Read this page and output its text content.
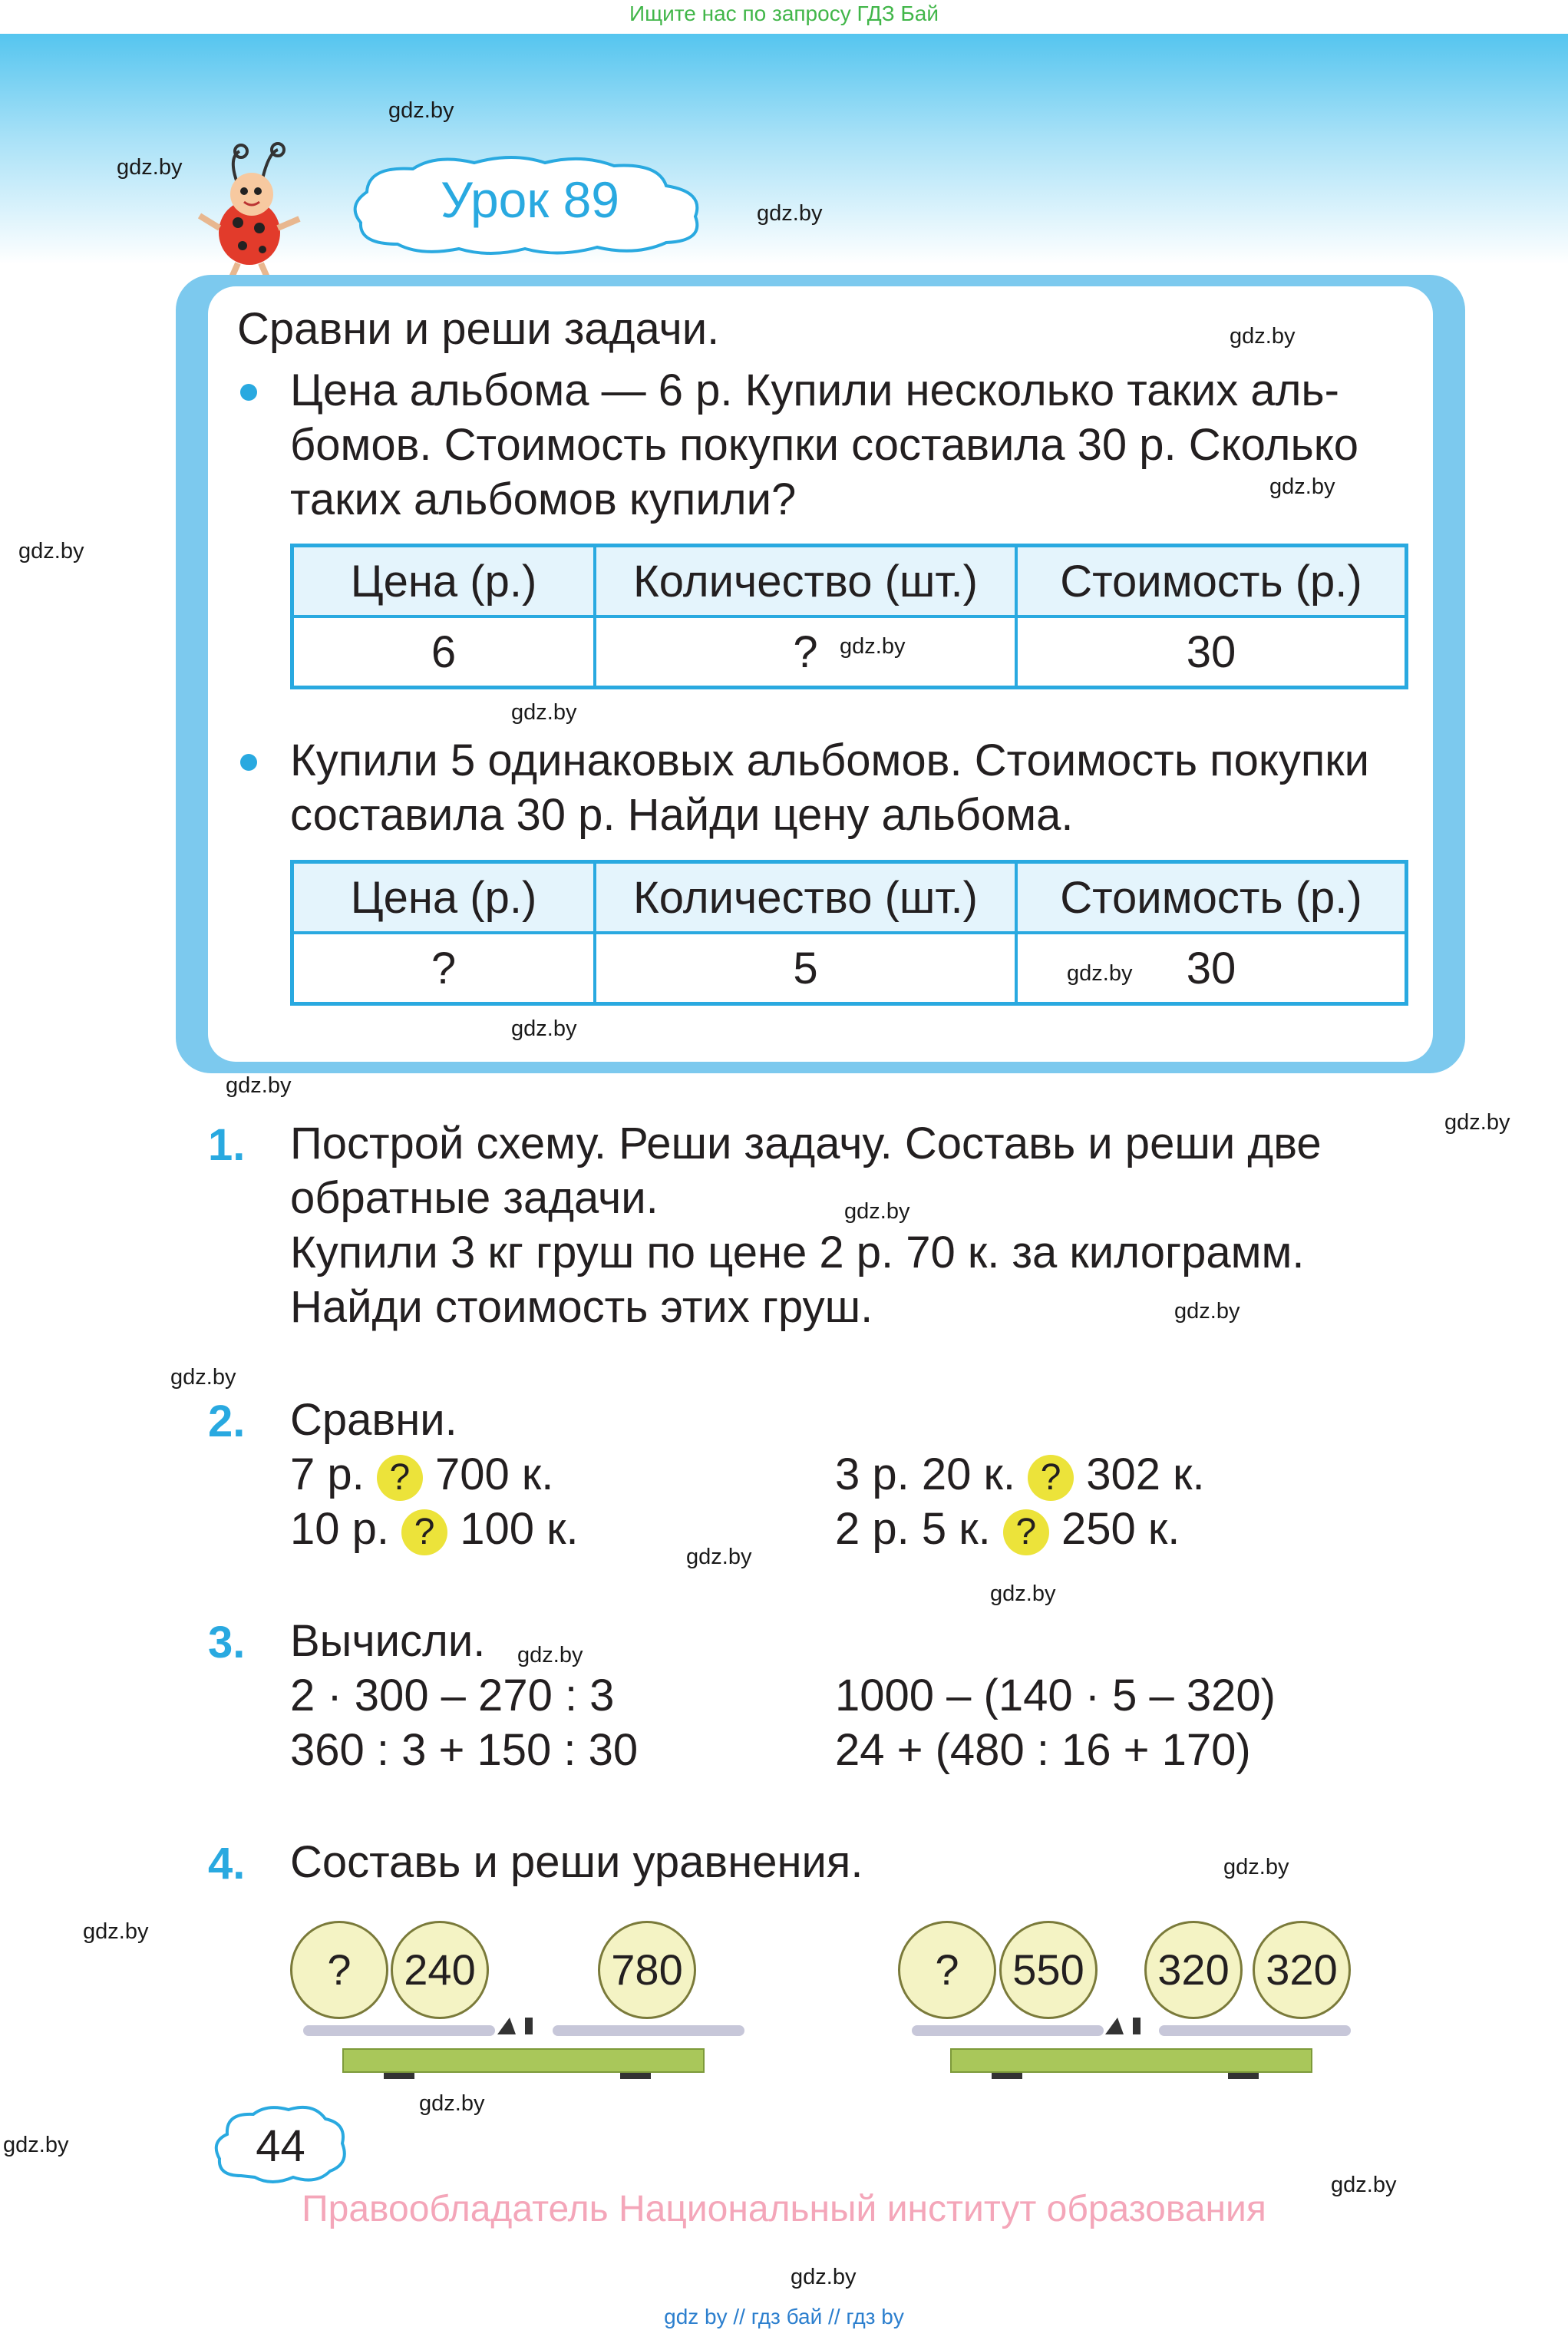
Ищите нас по запросу ГДЗ Бай
Урок 89
Сравни и реши задачи.
Цена альбома — 6 р. Купили несколько таких аль-
бомов. Стоимость покупки составила 30 р. Сколько
таких альбомов купили?
Цена (р.)	Количество (шт.)	Стоимость (р.)
6	?	30
Купили 5 одинаковых альбомов. Стоимость покупки
составила 30 р. Найди цену альбома.
Цена (р.)	Количество (шт.)	Стоимость (р.)
?	5	30
1. Построй схему. Реши задачу. Составь и реши две
обратные задачи.
Купили 3 кг груш по цене 2 р. 70 к. за килограмм.
Найди стоимость этих груш.
2. Сравни.
7 р. ? 700 к.	3 р. 20 к. ? 302 к.
10 р. ? 100 к.	2 р. 5 к. ? 250 к.
3. Вычисли.
2 · 300 – 270 : 3
360 : 3 + 150 : 30
1000 – (140 · 5 – 320)
24 + (480 : 16 + 170)
4. Составь и реши уравнения.
?	240	780	?	550	320 320
44
Правообладатель Национальный институт образования
gdz by // гдз бай // гдз by
gdz.by
gdz.by
gdz.by
gdz.by
gdz.by
gdz.by
gdz.by
gdz.by
gdz.by
gdz.by
gdz.by
gdz.by
gdz.by
gdz.by
gdz.by
gdz.by
gdz.by
gdz.by
gdz.by
gdz.by
gdz.by
gdz.by
gdz.by
gdz.by
